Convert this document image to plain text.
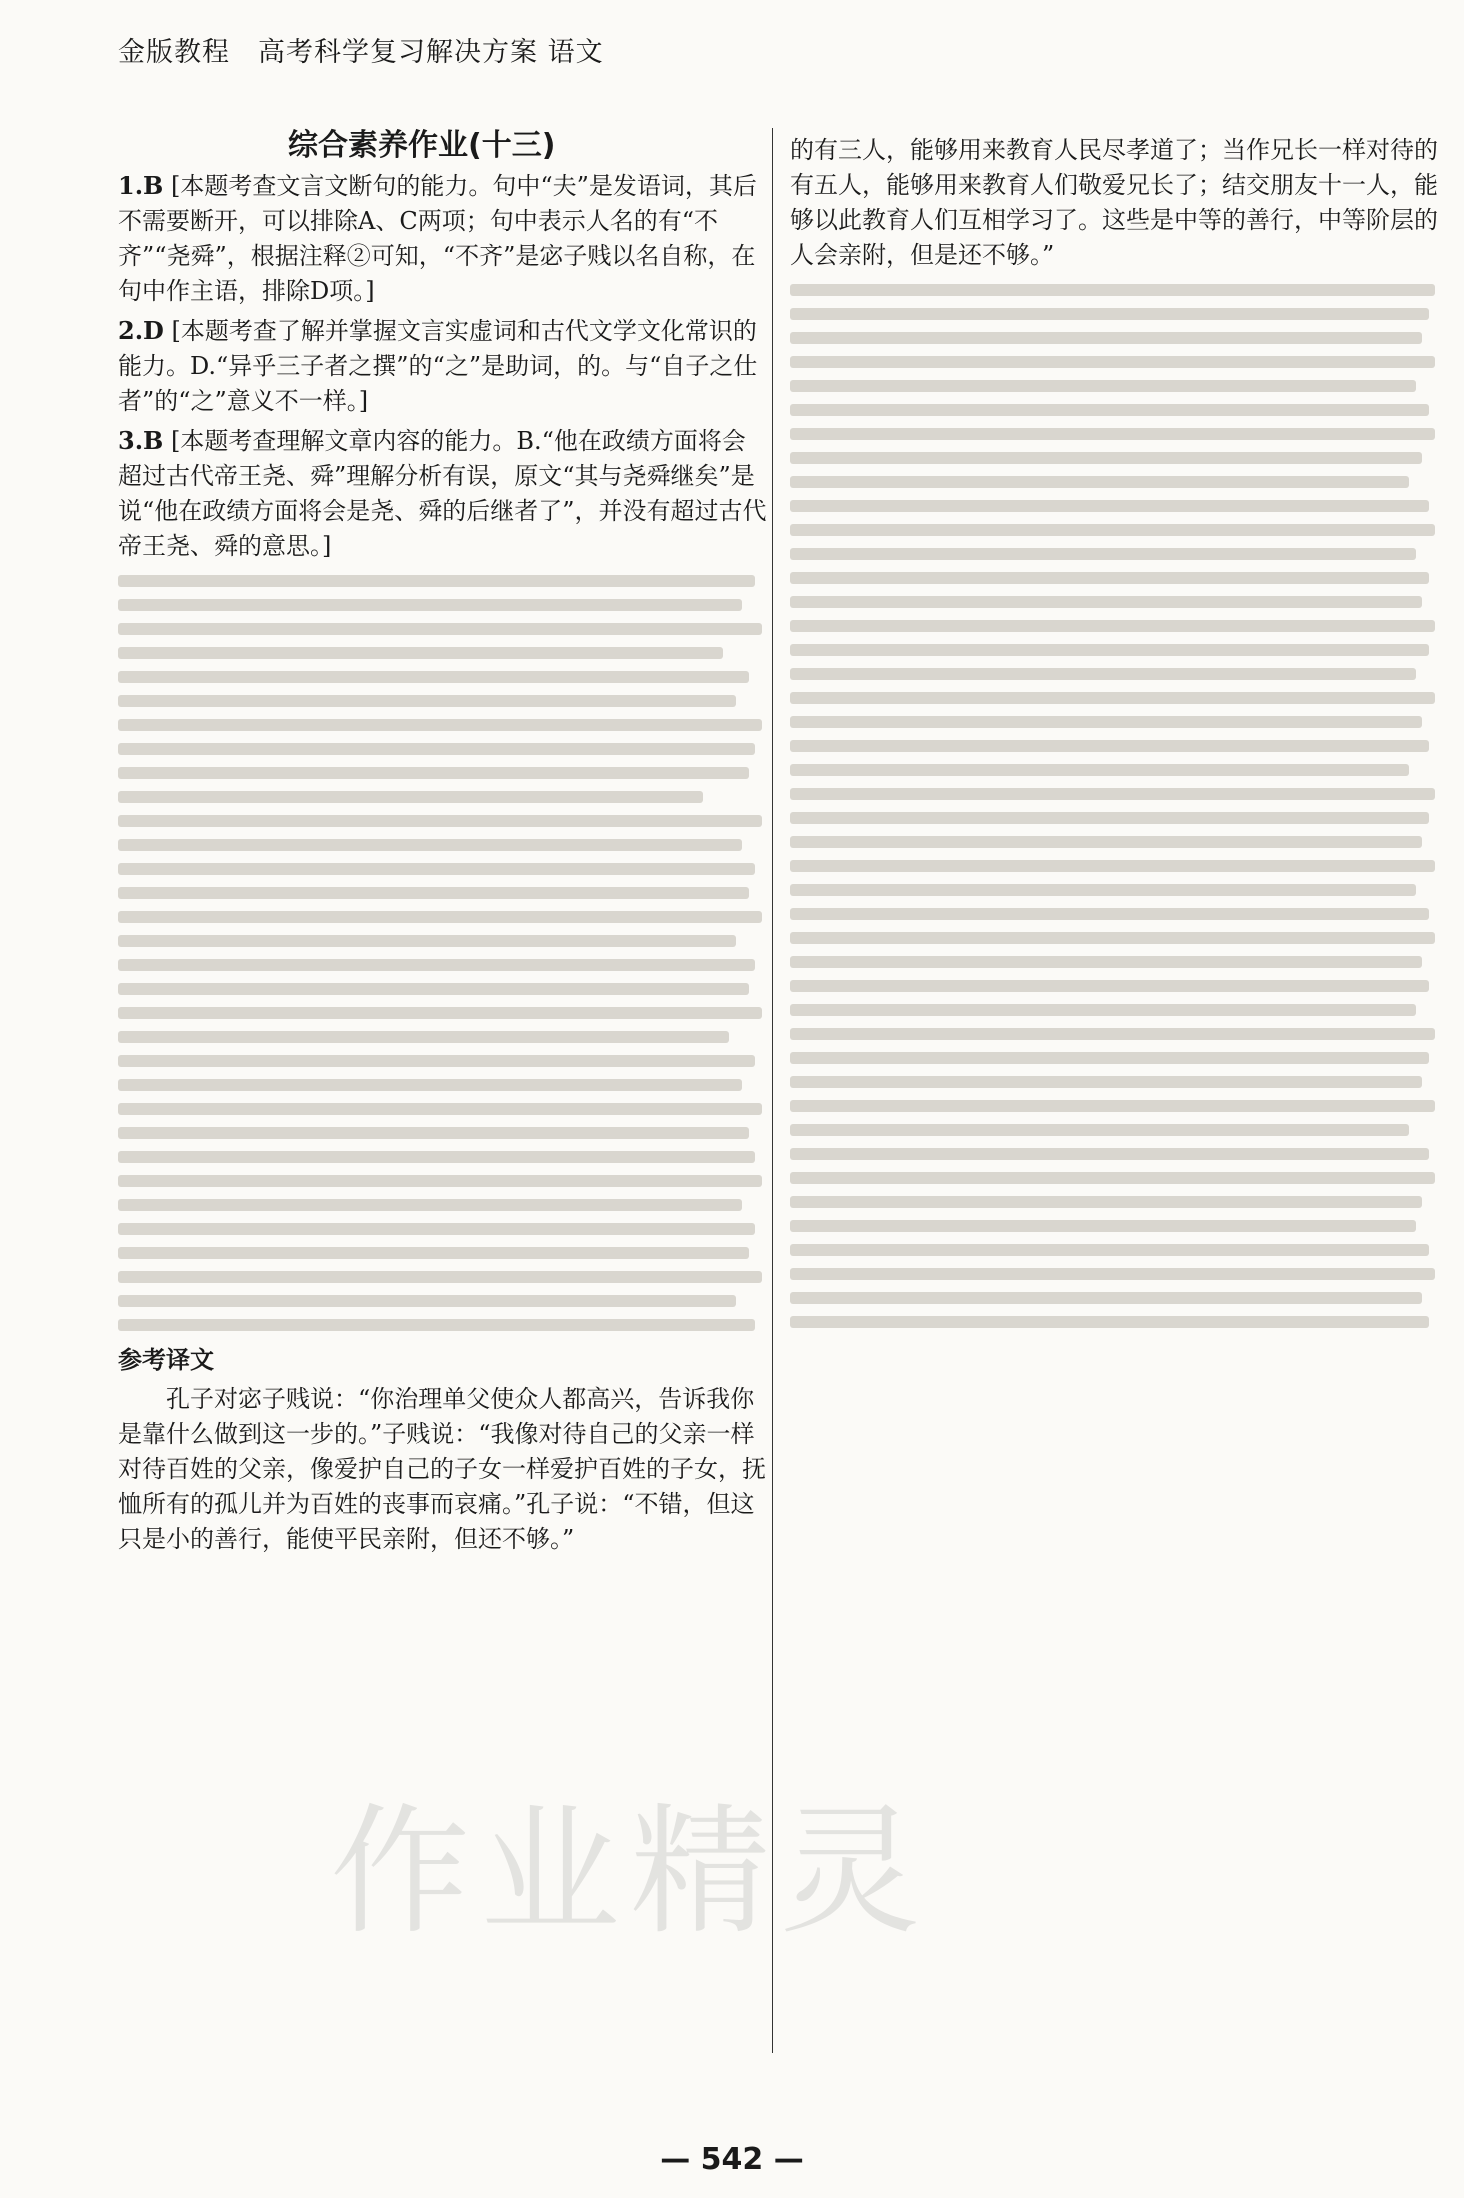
金版教程　高考科学复习解决方案 语文
综合素养作业(十三)
1.B [本题考查文言文断句的能力。句中“夫”是发语词，其后不需要断开，可以排除A、C两项；句中表示人名的有“不齐”“尧舜”，根据注释②可知，“不齐”是宓子贱以名自称，在句中作主语，排除D项。]
2.D [本题考查了解并掌握文言实虚词和古代文学文化常识的能力。D.“异乎三子者之撰”的“之”是助词，的。与“自子之仕者”的“之”意义不一样。]
3.B [本题考查理解文章内容的能力。B.“他在政绩方面将会超过古代帝王尧、舜”理解分析有误，原文“其与尧舜继矣”是说“他在政绩方面将会是尧、舜的后继者了”，并没有超过古代帝王尧、舜的意思。]
参考译文
孔子对宓子贱说：“你治理单父使众人都高兴，告诉我你是靠什么做到这一步的。”子贱说：“我像对待自己的父亲一样对待百姓的父亲，像爱护自己的子女一样爱护百姓的子女，抚恤所有的孤儿并为百姓的丧事而哀痛。”孔子说：“不错，但这只是小的善行，能使平民亲附，但还不够。”
的有三人，能够用来教育人民尽孝道了；当作兄长一样对待的有五人，能够用来教育人们敬爱兄长了；结交朋友十一人，能够以此教育人们互相学习了。这些是中等的善行，中等阶层的人会亲附，但是还不够。”
作业精灵
— 542 —
